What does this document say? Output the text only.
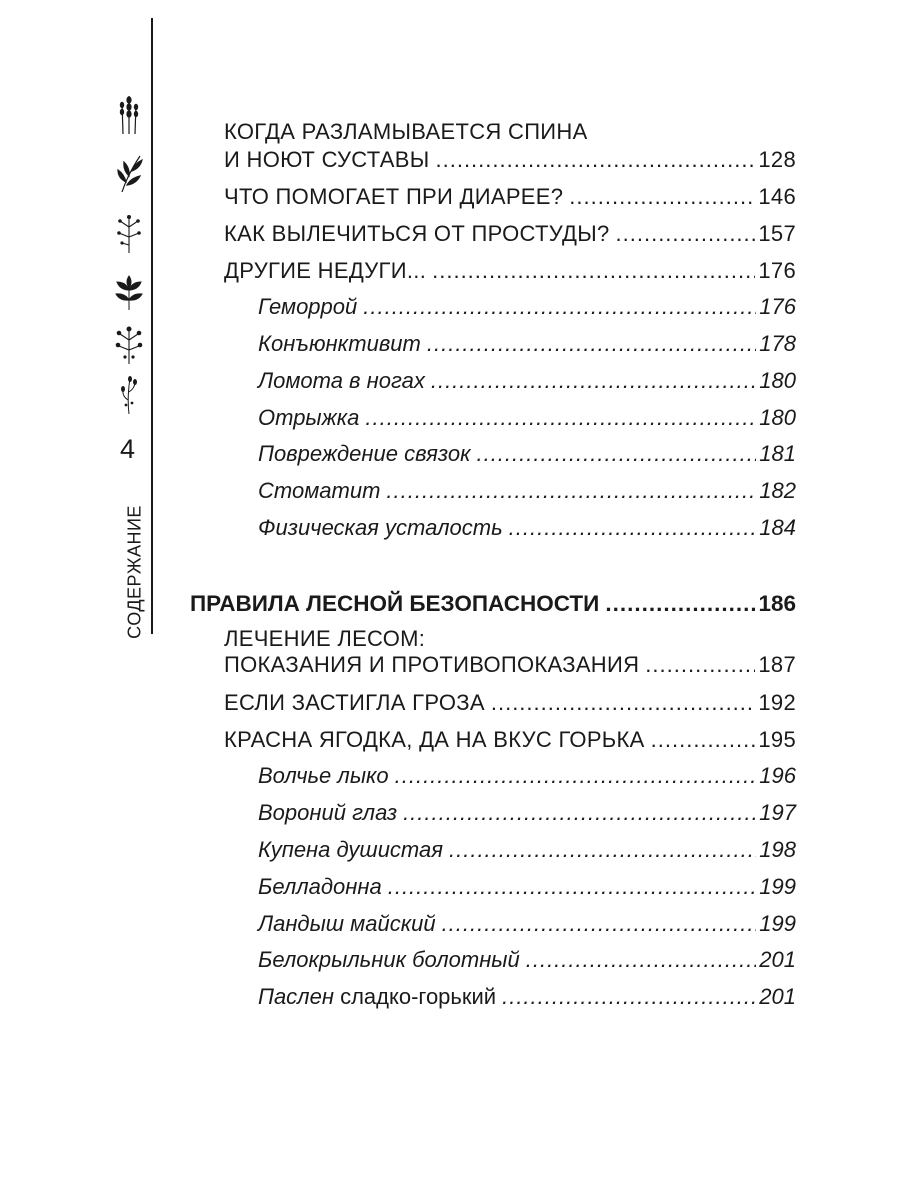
4
СОДЕРЖАНИЕ
КОГДА РАЗЛАМЫВАЕТСЯ СПИНА
И НОЮТ СУСТАВЫ .....	128
ЧТО ПОМОГАЕТ ПРИ ДИАРЕЕ? .....	146
КАК ВЫЛЕЧИТЬСЯ ОТ ПРОСТУДЫ? .....	157
ДРУГИЕ НЕДУГИ... .....	176
Геморрой .....	176
Конъюнктивит .....	178
Ломота в ногах .....	180
Отрыжка .....	180
Повреждение связок .....	181
Стоматит .....	182
Физическая усталость .....	184
ПРАВИЛА ЛЕСНОЙ БЕЗОПАСНОСТИ .....	186
ЛЕЧЕНИЕ ЛЕСОМ:
ПОКАЗАНИЯ И ПРОТИВОПОКАЗАНИЯ .....	187
ЕСЛИ ЗАСТИГЛА ГРОЗА .....	192
КРАСНА ЯГОДКА, ДА НА ВКУС ГОРЬКА .....	195
Волчье лыко .....	196
Вороний глаз .....	197
Купена душистая .....	198
Белладонна .....	199
Ландыш майский .....	199
Белокрыльник болотный .....	201
Паслен сладко-горький .....	201
